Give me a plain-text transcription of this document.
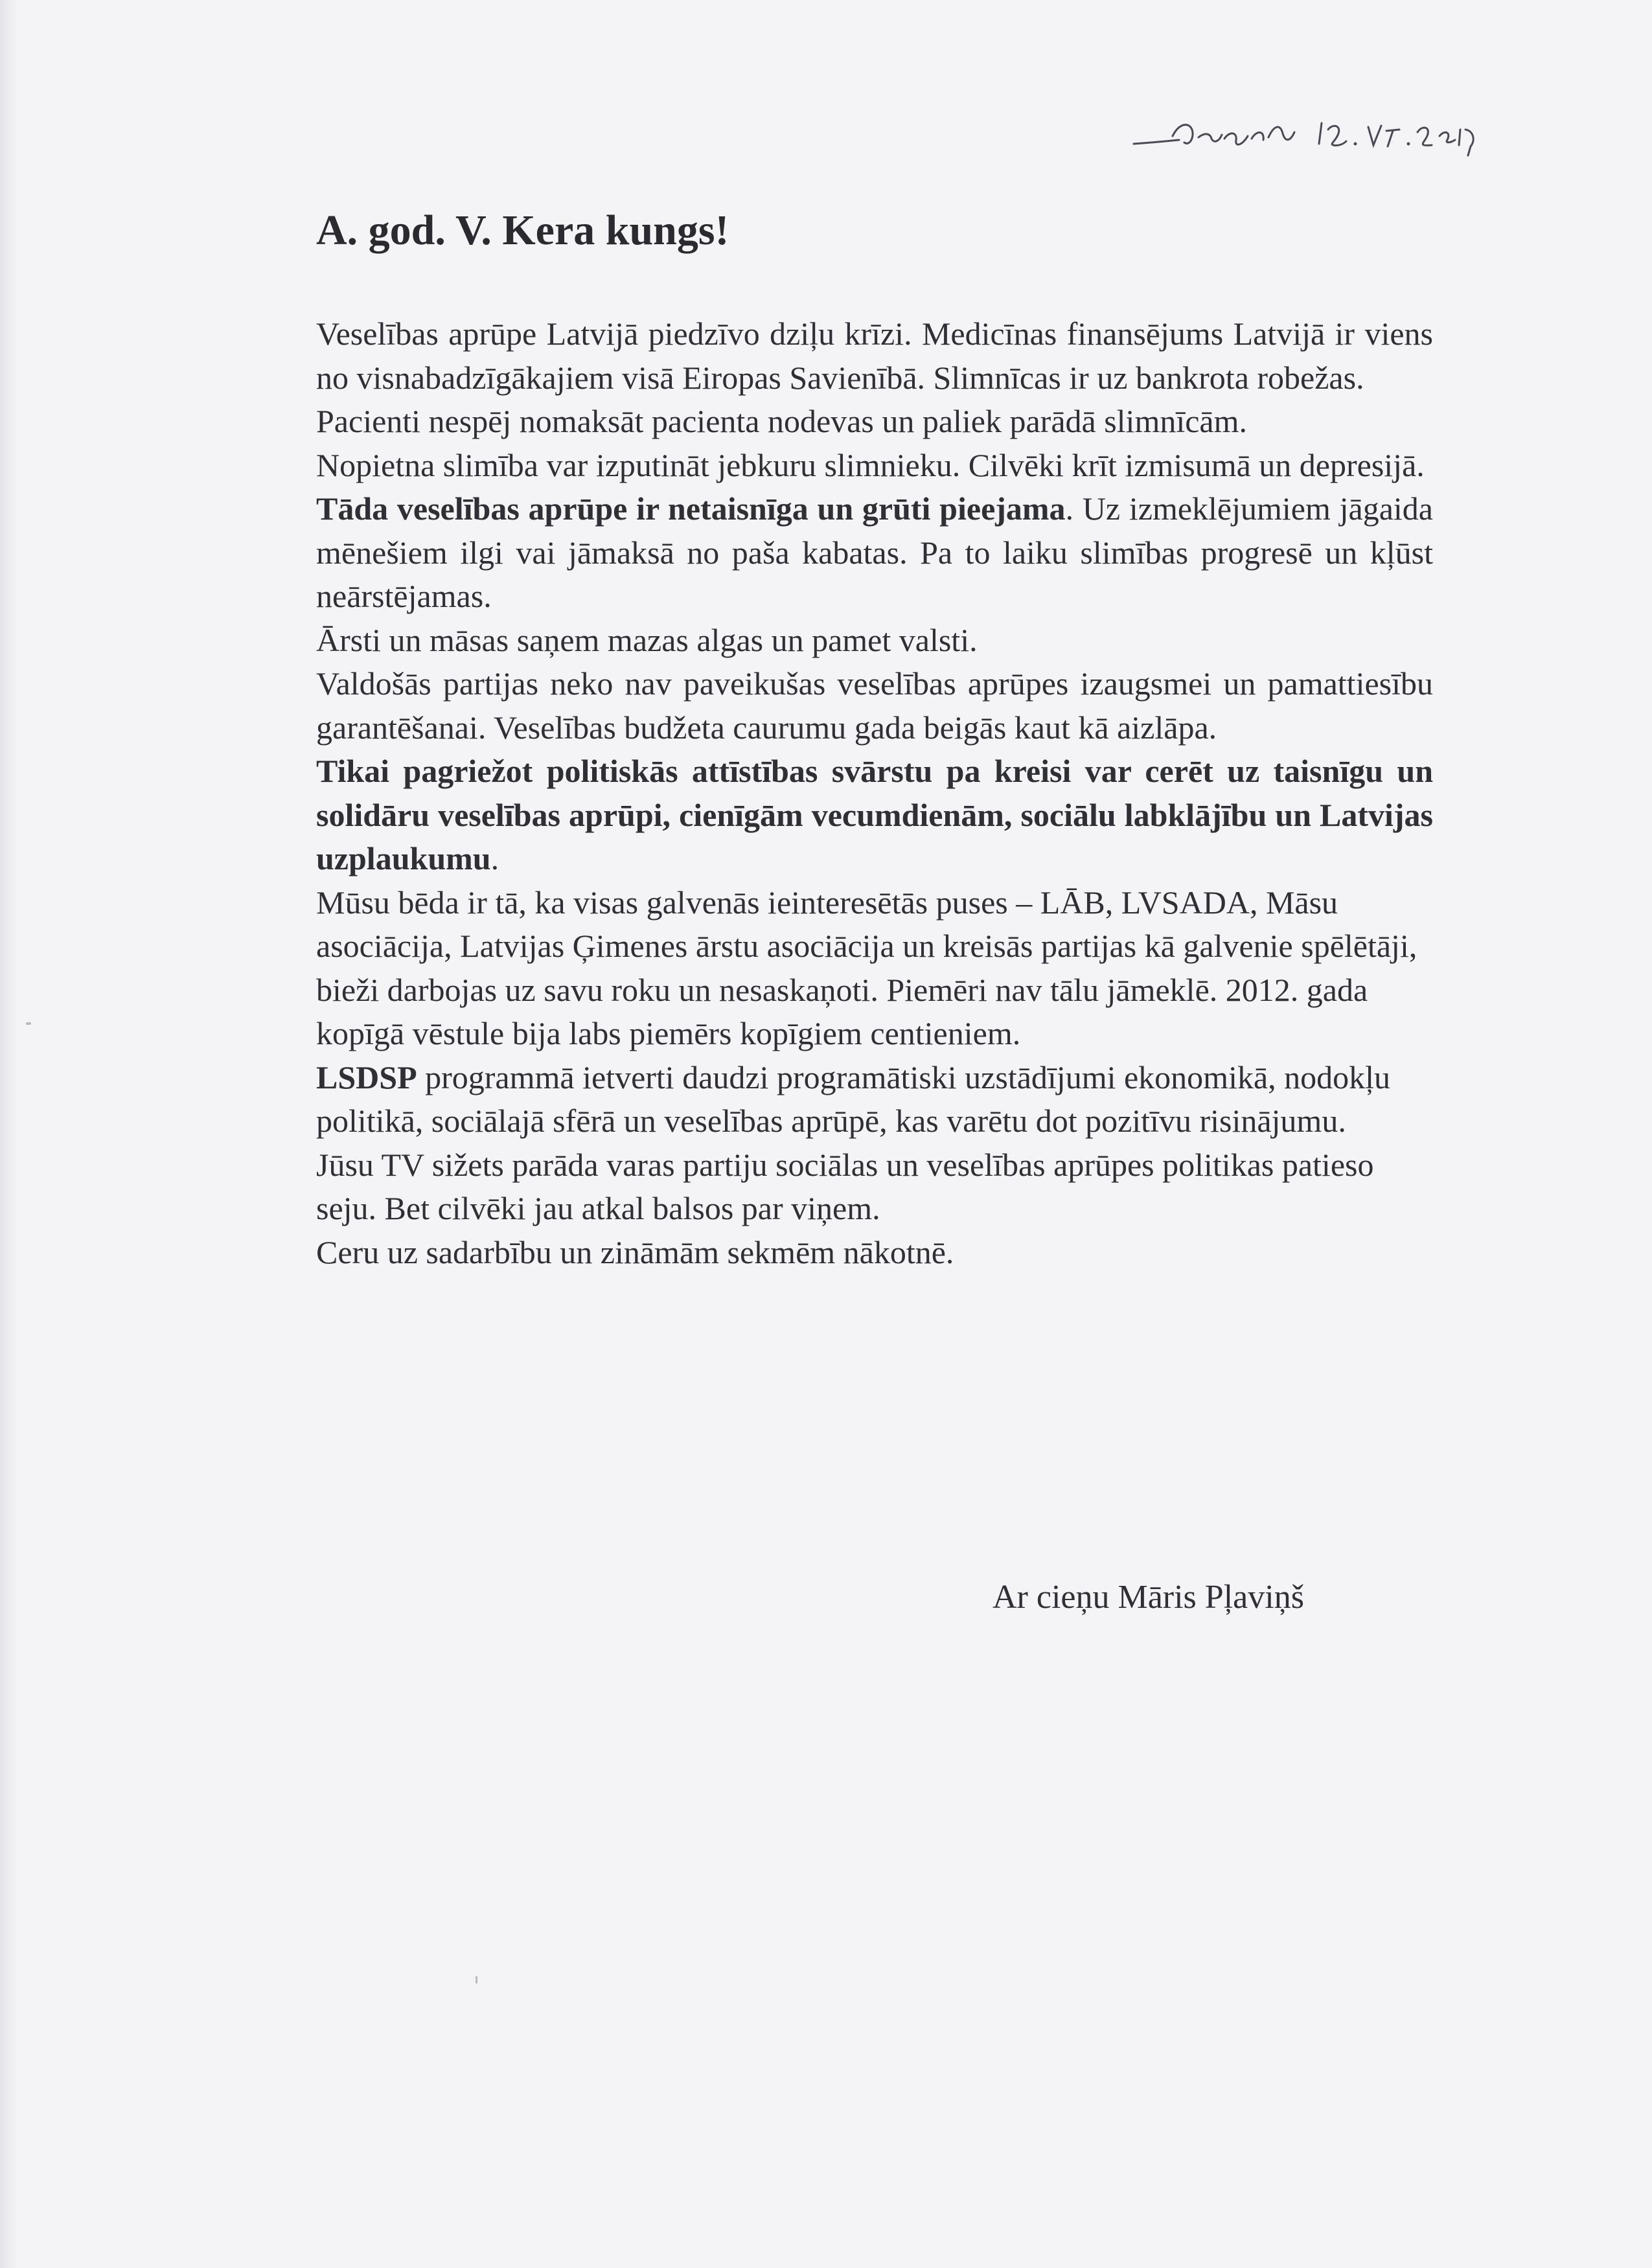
A. god. V. Kera kungs!

Veselības aprūpe Latvijā piedzīvo dziļu krīzi. Medicīnas finansējums Latvijā ir viens no visnabadzīgākajiem visā Eiropas Savienībā. Slimnīcas ir uz bankrota robežas.

Pacienti nespēj nomaksāt pacienta nodevas un paliek parādā slimnīcām.

Nopietna slimība var izputināt jebkuru slimnieku. Cilvēki krīt izmisumā un depresijā.

Tāda veselības aprūpe ir netaisnīga un grūti pieejama. Uz izmeklējumiem jāgaida mēnešiem ilgi vai jāmaksā no paša kabatas. Pa to laiku slimības progresē un kļūst neārstējamas.

Ārsti un māsas saņem mazas algas un pamet valsti.

Valdošās partijas neko nav paveikušas veselības aprūpes izaugsmei un pamattiesību garantēšanai. Veselības budžeta caurumu gada beigās kaut kā aizlāpa.

Tikai pagriežot politiskās attīstības svārstu pa kreisi var cerēt uz taisnīgu un solidāru veselības aprūpi, cienīgām vecumdienām, sociālu labklājību un Latvijas uzplaukumu.

Mūsu bēda ir tā, ka visas galvenās ieinteresētās puses – LĀB, LVSADA, Māsu asociācija, Latvijas Ģimenes ārstu asociācija un kreisās partijas kā galvenie spēlētāji, bieži darbojas uz savu roku un nesaskaņoti. Piemēri nav tālu jāmeklē. 2012. gada kopīgā vēstule bija labs piemērs kopīgiem centieniem.

LSDSP programmā ietverti daudzi programātiski uzstādījumi ekonomikā, nodokļu politikā, sociālajā sfērā un veselības aprūpē, kas varētu dot pozitīvu risinājumu.

Jūsu TV sižets parāda varas partiju sociālas un veselības aprūpes politikas patieso seju. Bet cilvēki jau atkal balsos par viņem.

Ceru uz sadarbību un zināmām sekmēm nākotnē.

Ar cieņu Māris Pļaviņš
